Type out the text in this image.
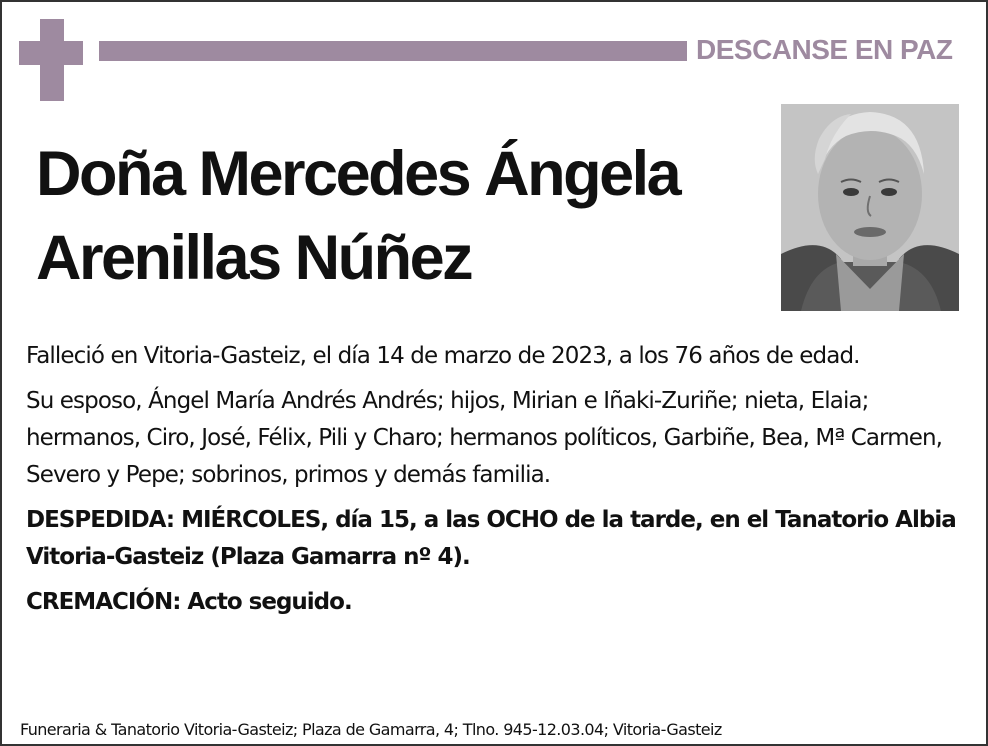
DESCANSE EN PAZ
Doña Mercedes Ángela
Arenillas Núñez

Falleció en Vitoria-Gasteiz, el día 14 de marzo de 2023, a los 76 años de edad.

Su esposo, Ángel María Andrés Andrés; hijos, Mirian e Iñaki-Zuriñe; nieta, Elaia; hermanos, Ciro, José, Félix, Pili y Charo; hermanos políticos, Garbiñe, Bea, Mª Carmen, Severo y Pepe; sobrinos, primos y demás familia.

DESPEDIDA: MIÉRCOLES, día 15, a las OCHO de la tarde, en el Tanatorio Albia Vitoria-Gasteiz (Plaza Gamarra nº 4).

CREMACIÓN: Acto seguido.

Funeraria & Tanatorio Vitoria-Gasteiz; Plaza de Gamarra, 4; Tlno. 945-12.03.04; Vitoria-Gasteiz
